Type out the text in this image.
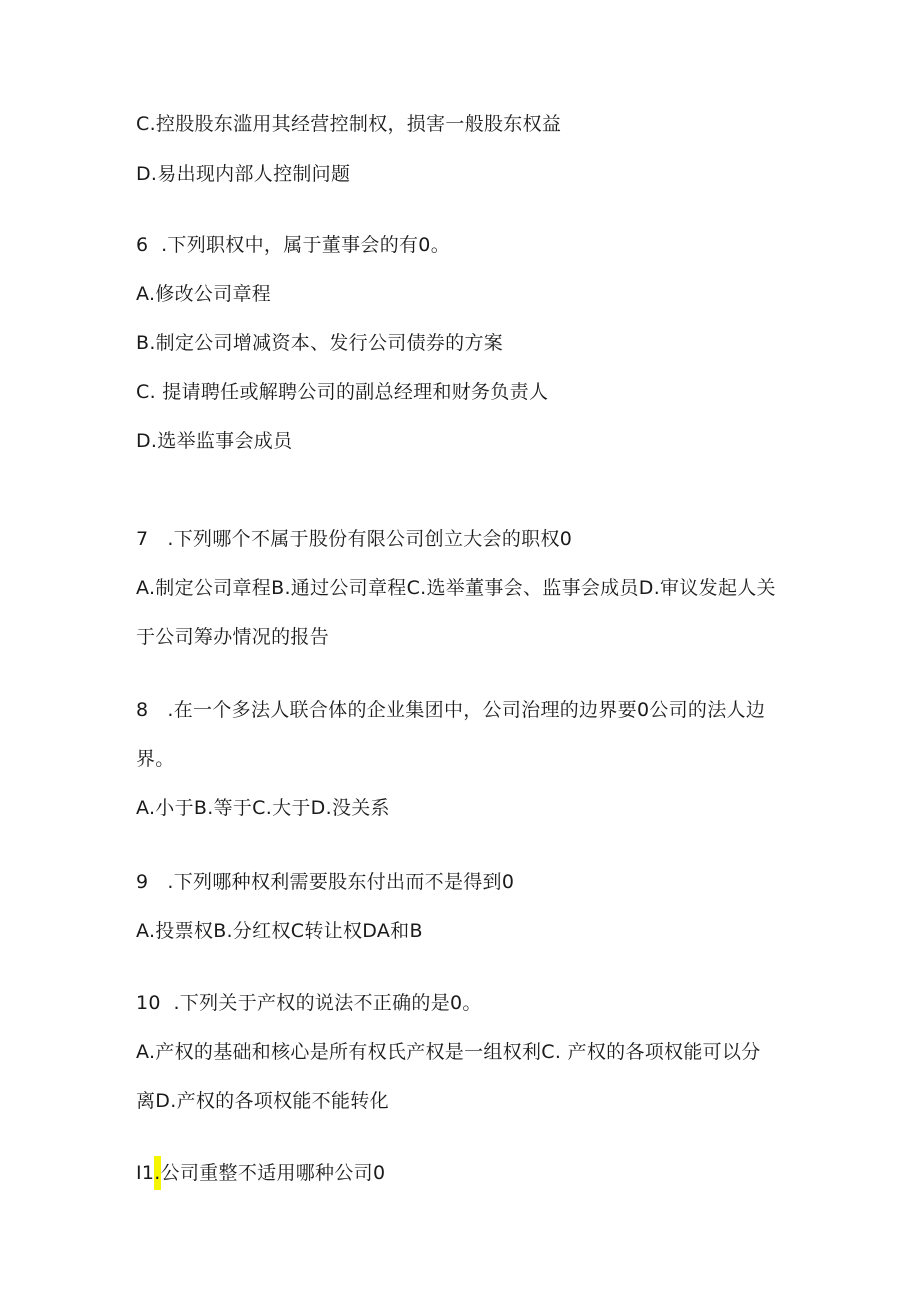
C.控股股东滥用其经营控制权，损害一般股东权益
D.易出现内部人控制问题
6  .下列职权中，属于董事会的有0。
A.修改公司章程
B.制定公司增减资本、发行公司债券的方案
C. 提请聘任或解聘公司的副总经理和财务负责人
D.选举监事会成员
7   .下列哪个不属于股份有限公司创立大会的职权0
A.制定公司章程B.通过公司章程C.选举董事会、监事会成员D.审议发起人关
于公司筹办情况的报告
8   .在一个多法人联合体的企业集团中，公司治理的边界要0公司的法人边
界。
A.小于B.等于C.大于D.没关系
9   .下列哪种权利需要股东付出而不是得到0
A.投票权B.分红权C转让权DA和B
10  .下列关于产权的说法不正确的是0。
A.产权的基础和核心是所有权氏产权是一组权利C. 产权的各项权能可以分
离D.产权的各项权能不能转化
I1.公司重整不适用哪种公司0
